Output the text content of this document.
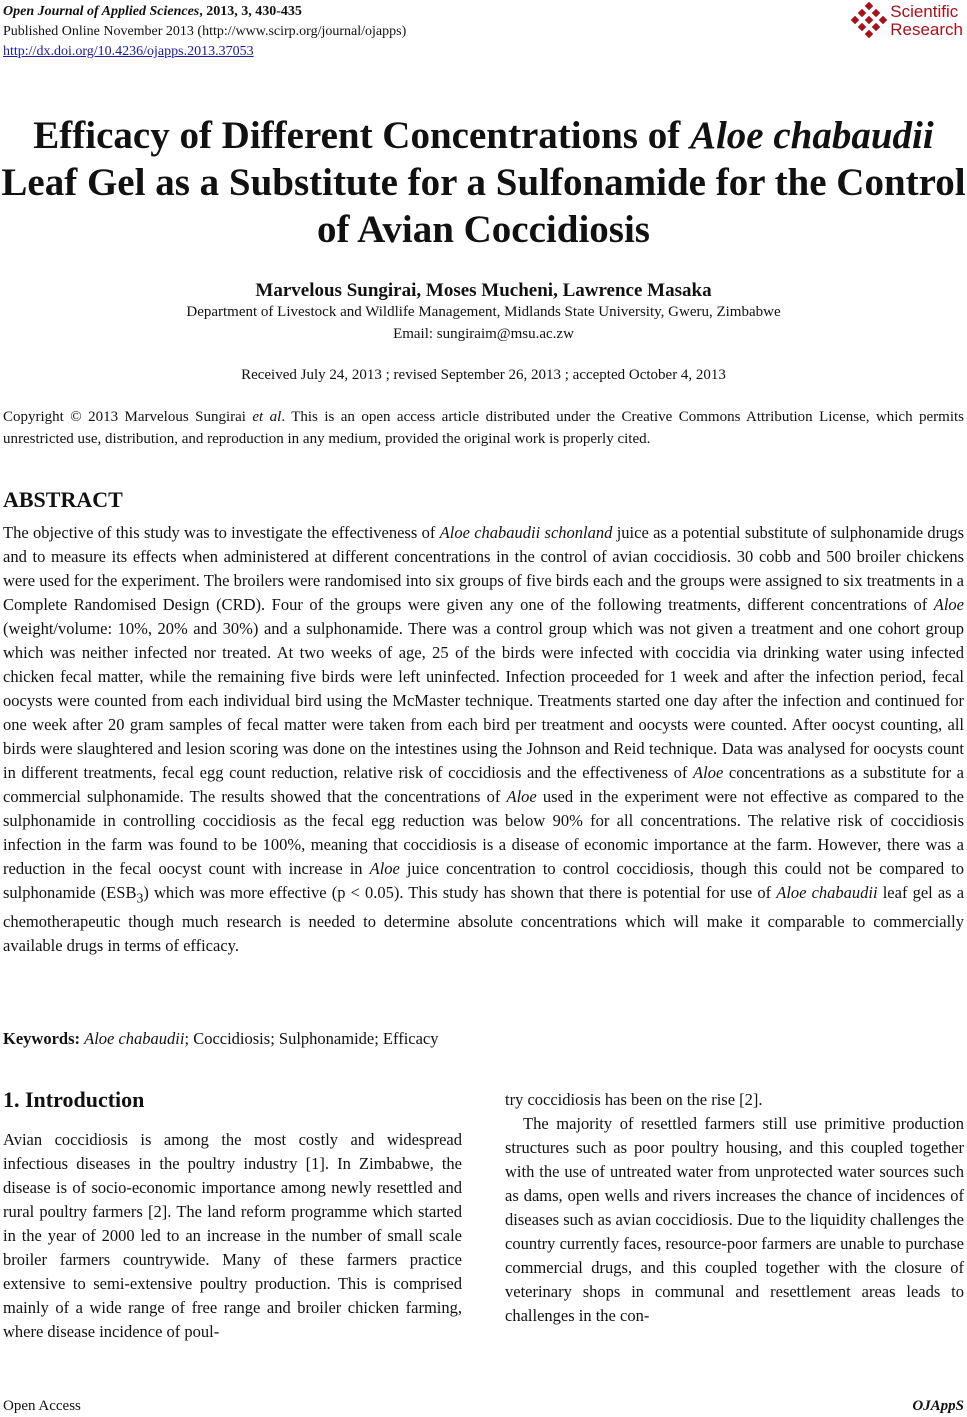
Open Journal of Applied Sciences, 2013, 3, 430-435
Published Online November 2013 (http://www.scirp.org/journal/ojapps)
http://dx.doi.org/10.4236/ojapps.2013.37053
Scientific
Research
Efficacy of Different Concentrations of Aloe chabaudii Leaf Gel as a Substitute for a Sulfonamide for the Control of Avian Coccidiosis
Marvelous Sungirai, Moses Mucheni, Lawrence Masaka
Department of Livestock and Wildlife Management, Midlands State University, Gweru, Zimbabwe
Email: sungiraim@msu.ac.zw
Received July 24, 2013 ; revised September 26, 2013 ; accepted October 4, 2013
Copyright © 2013 Marvelous Sungirai et al. This is an open access article distributed under the Creative Commons Attribution License, which permits unrestricted use, distribution, and reproduction in any medium, provided the original work is properly cited.
ABSTRACT
The objective of this study was to investigate the effectiveness of Aloe chabaudii schonland juice as a potential substitute of sulphonamide drugs and to measure its effects when administered at different concentrations in the control of avian coccidiosis. 30 cobb and 500 broiler chickens were used for the experiment. The broilers were randomised into six groups of five birds each and the groups were assigned to six treatments in a Complete Randomised Design (CRD). Four of the groups were given any one of the following treatments, different concentrations of Aloe (weight/volume: 10%, 20% and 30%) and a sulphonamide. There was a control group which was not given a treatment and one cohort group which was neither infected nor treated. At two weeks of age, 25 of the birds were infected with coccidia via drinking water using infected chicken fecal matter, while the remaining five birds were left uninfected. Infection proceeded for 1 week and after the infection period, fecal oocysts were counted from each individual bird using the McMaster technique. Treatments started one day after the infection and continued for one week after 20 gram samples of fecal matter were taken from each bird per treatment and oocysts were counted. After oocyst counting, all birds were slaughtered and lesion scoring was done on the intestines using the Johnson and Reid technique. Data was analysed for oocysts count in different treatments, fecal egg count reduction, relative risk of coccidiosis and the effectiveness of Aloe concentrations as a substitute for a commercial sulphonamide. The results showed that the concentrations of Aloe used in the experiment were not effective as compared to the sulphonamide in controlling coccidiosis as the fecal egg reduction was below 90% for all concentrations. The relative risk of coccidiosis infection in the farm was found to be 100%, meaning that coccidiosis is a disease of economic importance at the farm. However, there was a reduction in the fecal oocyst count with increase in Aloe juice concentration to control coccidiosis, though this could not be compared to sulphonamide $(ESB_3)$ which was more effective (p < 0.05). This study has shown that there is potential for use of Aloe chabaudii leaf gel as a chemotherapeutic though much research is needed to determine absolute concentrations which will make it comparable to commercially available drugs in terms of efficacy.
Keywords: Aloe chabaudii; Coccidiosis; Sulphonamide; Efficacy
1. Introduction

Avian coccidiosis is among the most costly and widespread infectious diseases in the poultry industry [1]. In Zimbabwe, the disease is of socio-economic importance among newly resettled and rural poultry farmers [2]. The land reform programme which started in the year of 2000 led to an increase in the number of small scale broiler farmers countrywide. Many of these farmers practice extensive to semi-extensive poultry production. This is comprised mainly of a wide range of free range and broiler chicken farming, where disease incidence of poul-

try coccidiosis has been on the rise [2].

The majority of resettled farmers still use primitive production structures such as poor poultry housing, and this coupled together with the use of untreated water from unprotected water sources such as dams, open wells and rivers increases the chance of incidences of diseases such as avian coccidiosis. Due to the liquidity challenges the country currently faces, resource-poor farmers are unable to purchase commercial drugs, and this coupled together with the closure of veterinary shops in communal and resettlement areas leads to challenges in the con-

Open Access	OJAppS
